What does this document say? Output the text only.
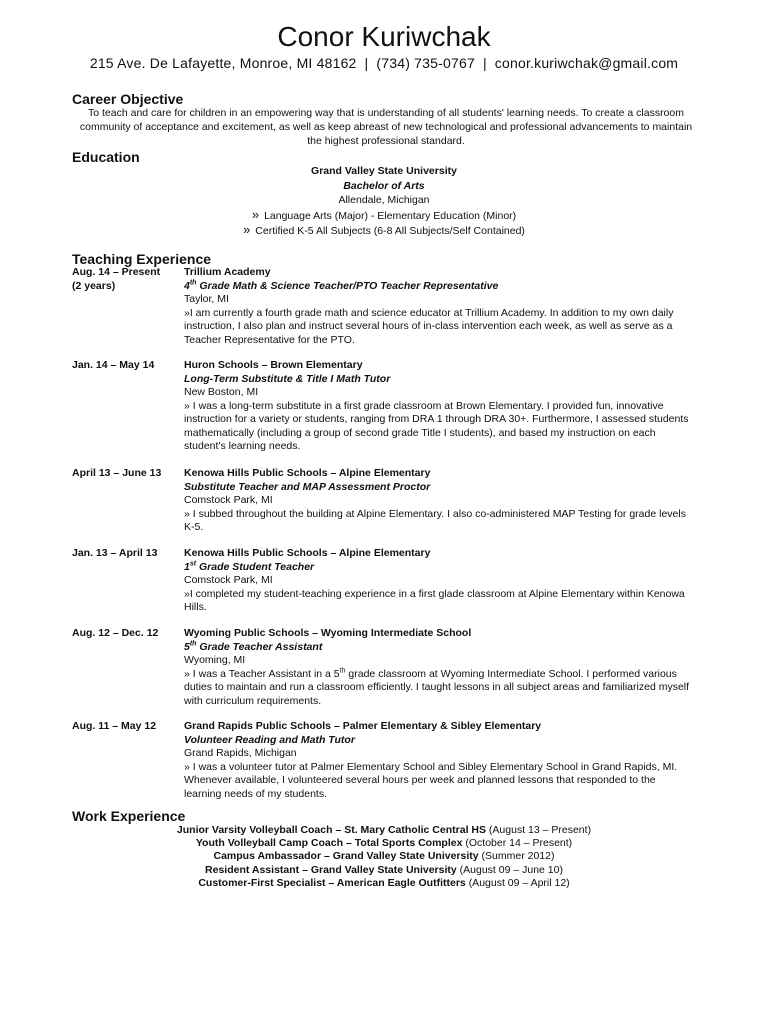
Conor Kuriwchak
215 Ave. De Lafayette, Monroe, MI 48162 | (734) 735-0767 | conor.kuriwchak@gmail.com
Career Objective
To teach and care for children in an empowering way that is understanding of all students' learning needs. To create a classroom community of acceptance and excitement, as well as keep abreast of new technological and professional advancements to maintain the highest professional standard.
Education
Grand Valley State University
Bachelor of Arts
Allendale, Michigan
» Language Arts (Major) - Elementary Education (Minor)
» Certified K-5 All Subjects (6-8 All Subjects/Self Contained)
Teaching Experience
Aug. 14 – Present
(2 years)
Trillium Academy
4th Grade Math & Science Teacher/PTO Teacher Representative
Taylor, MI
»I am currently a fourth grade math and science educator at Trillium Academy. In addition to my own daily instruction, I also plan and instruct several hours of in-class intervention each week, as well as serve as a Teacher Representative for the PTO.
Jan. 14 – May 14	Huron Schools – Brown Elementary
Long-Term Substitute & Title I Math Tutor
New Boston, MI
» I was a long-term substitute in a first grade classroom at Brown Elementary. I provided fun, innovative instruction for a variety or students, ranging from DRA 1 through DRA 30+. Furthermore, I assessed students mathematically (including a group of second grade Title I students), and based my instruction on each student's learning needs.
April 13 – June 13	Kenowa Hills Public Schools – Alpine Elementary
Substitute Teacher and MAP Assessment Proctor
Comstock Park, MI
» I subbed throughout the building at Alpine Elementary. I also co-administered MAP Testing for grade levels K-5.
Jan. 13 – April 13	Kenowa Hills Public Schools – Alpine Elementary
1st Grade Student Teacher
Comstock Park, MI
»I completed my student-teaching experience in a first glade classroom at Alpine Elementary within Kenowa Hills.
Aug. 12 – Dec. 12	Wyoming Public Schools – Wyoming Intermediate School
5th Grade Teacher Assistant
Wyoming, MI
» I was a Teacher Assistant in a 5th grade classroom at Wyoming Intermediate School. I performed various duties to maintain and run a classroom efficiently. I taught lessons in all subject areas and familiarized myself with curriculum requirements.
Aug. 11 – May 12	Grand Rapids Public Schools – Palmer Elementary & Sibley Elementary
Volunteer Reading and Math Tutor
Grand Rapids, Michigan
» I was a volunteer tutor at Palmer Elementary School and Sibley Elementary School in Grand Rapids, MI. Whenever available, I volunteered several hours per week and planned lessons that responded to the learning needs of my students.
Work Experience
Junior Varsity Volleyball Coach – St. Mary Catholic Central HS (August 13 – Present)
Youth Volleyball Camp Coach – Total Sports Complex (October 14 – Present)
Campus Ambassador – Grand Valley State University (Summer 2012)
Resident Assistant – Grand Valley State University (August 09 – June 10)
Customer-First Specialist – American Eagle Outfitters (August 09 – April 12)
